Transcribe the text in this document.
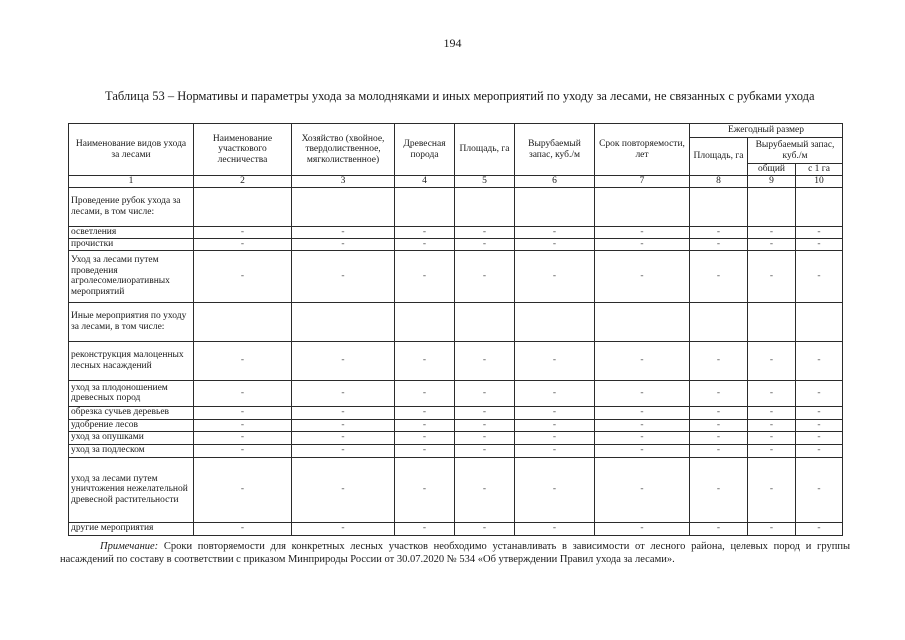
194
Таблица 53 – Нормативы и параметры ухода за молодняками и иных мероприятий по уходу за лесами, не связанных с рубками ухода
Наименование видов ухода за лесами	Наименование участкового лесничества	Хозяйство (хвойное, твердолиственное, мягколиственное)	Древесная порода	Площадь, га	Вырубаемый запас, куб./м	Срок повторяемости, лет	Ежегодный размер		
							Площадь, га	Вырубаемый запас, куб./м	
								общий	с 1 га
1	2	3	4	5	6	7	8	9	10
Проведение рубок ухода за лесами, в том числе:									
осветления	-	-	-	-	-	-	-	-	-
прочистки	-	-	-	-	-	-	-	-	-
Уход за лесами путем проведения агролесомелиоративных мероприятий	-	-	-	-	-	-	-	-	-
Иные мероприятия по уходу за лесами, в том числе:									
реконструкция малоценных лесных насаждений	-	-	-	-	-	-	-	-	-
уход за плодоношением древесных пород	-	-	-	-	-	-	-	-	-
обрезка сучьев деревьев	-	-	-	-	-	-	-	-	-
удобрение лесов	-	-	-	-	-	-	-	-	-
уход за опушками	-	-	-	-	-	-	-	-	-
уход за подлеском	-	-	-	-	-	-	-	-	-
уход за лесами путем уничтожения нежелательной древесной растительности	-	-	-	-	-	-	-	-	-
другие мероприятия	-	-	-	-	-	-	-	-	-
Примечание: Сроки повторяемости для конкретных лесных участков необходимо устанавливать в зависимости от лесного района, целевых пород и группы насаждений по составу в соответствии с приказом Минприроды России от 30.07.2020 № 534 «Об утверждении Правил ухода за лесами».
